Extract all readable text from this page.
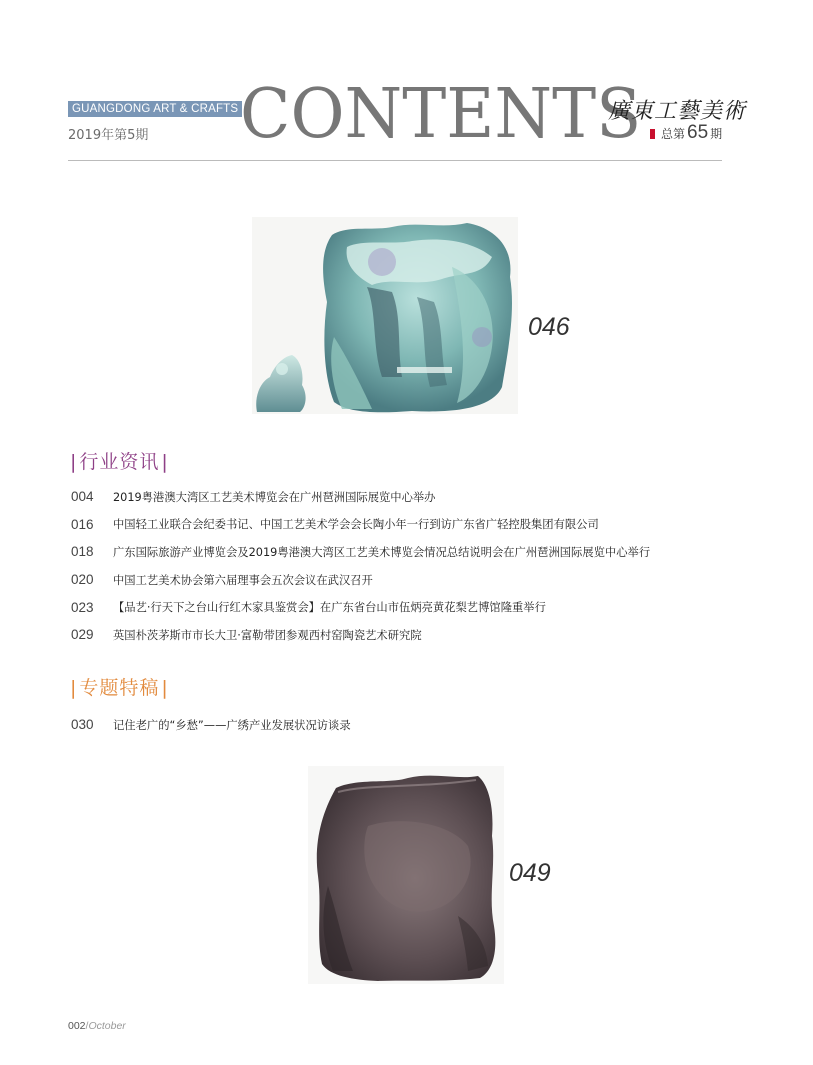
GUANGDONG ART & CRAFTS
2019年第5期 CONTENTS
廣東工藝美術
总第 65 期
046
| 行业资讯 |
004	2019粤港澳大湾区工艺美术博览会在广州琶洲国际展览中心举办
016	中国轻工业联合会纪委书记、中国工艺美术学会会长陶小年一行到访广东省广轻控股集团有限公司
018	广东国际旅游产业博览会及2019粤港澳大湾区工艺美术博览会情况总结说明会在广州琶洲国际展览中心举行
020	中国工艺美术协会第六届理事会五次会议在武汉召开
023	【品艺·行天下之台山行红木家具鉴赏会】在广东省台山市伍炳亮黄花梨艺博馆隆重举行
029	英国朴茨茅斯市市长大卫·富勒带团参观西村窑陶瓷艺术研究院
| 专题特稿 |
030	记住老广的“乡愁”——广绣产业发展状况访谈录
049
002/October
